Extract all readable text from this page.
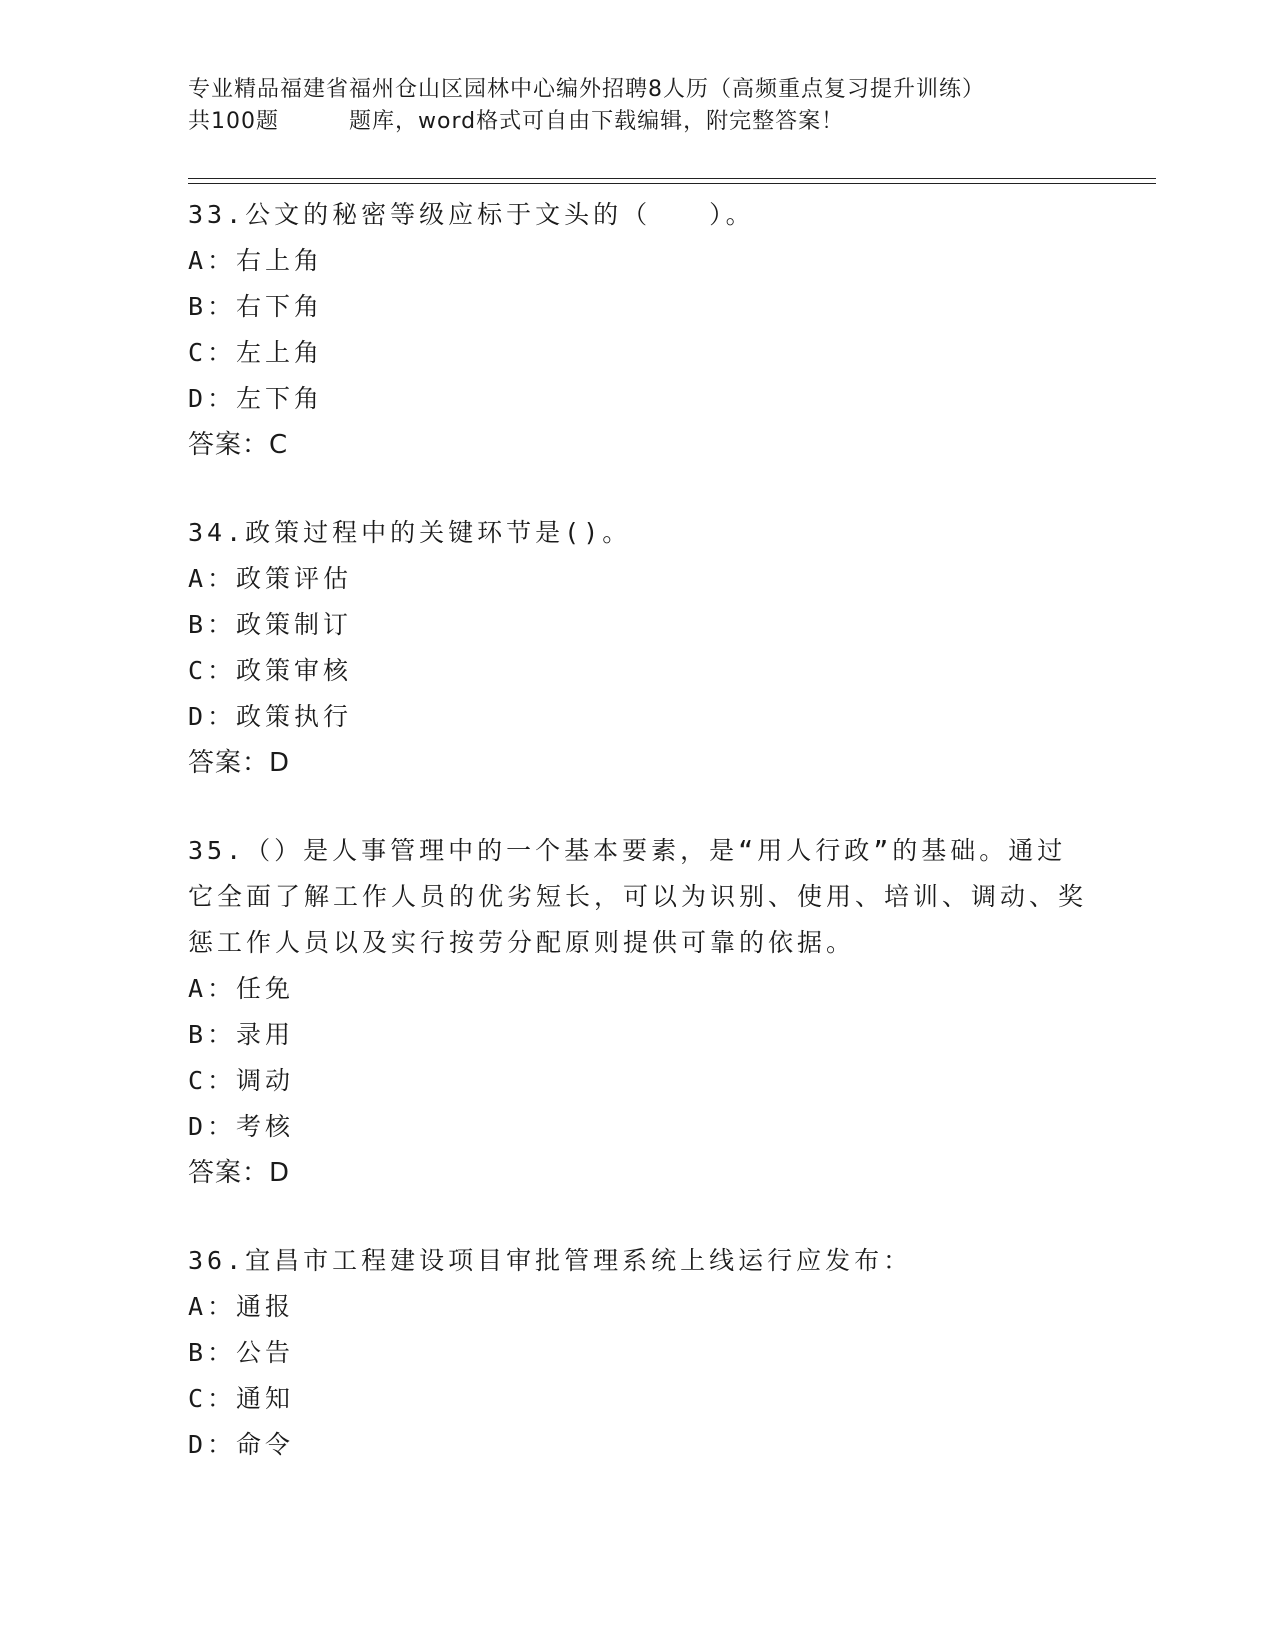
专业精品福建省福州仓山区园林中心编外招聘8人历（高频重点复习提升训练）
共100题	题库，word格式可自由下载编辑，附完整答案！

33.公文的秘密等级应标于文头的（　　）。

A：右上角

B：右下角

C：左上角

D：左下角

答案：C

34.政策过程中的关键环节是()。

A：政策评估

B：政策制订

C：政策审核

D：政策执行

答案：D

35.（）是人事管理中的一个基本要素，是“用人行政”的基础。通过它全面了解工作人员的优劣短长，可以为识别、使用、培训、调动、奖惩工作人员以及实行按劳分配原则提供可靠的依据。

A：任免

B：录用

C：调动

D：考核

答案：D

36.宜昌市工程建设项目审批管理系统上线运行应发布：

A：通报

B：公告

C：通知

D：命令
